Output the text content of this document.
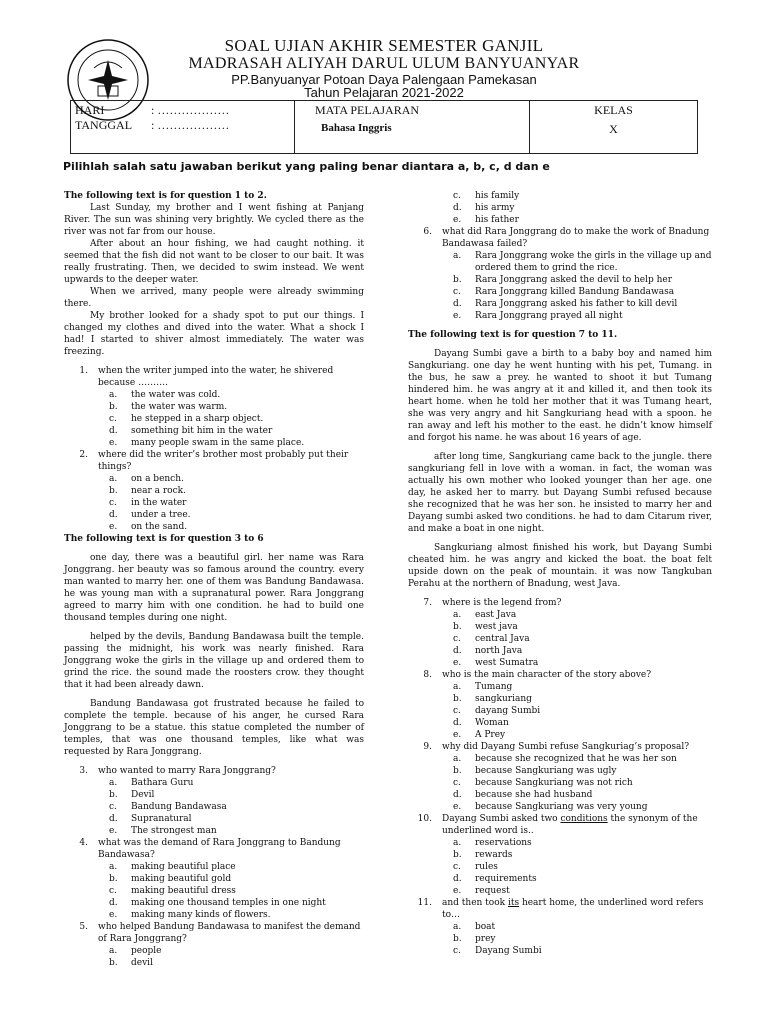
SOAL UJIAN AKHIR SEMESTER GANJIL
MADRASAH ALIYAH DARUL ULUM BANYUANYAR
PP.Banyuanyar Potoan Daya Palengaan Pamekasan
Tahun Pelajaran 2021-2022
HARI	: ………………
TANGGAL	: ………………

MATA PELAJARAN
Bahasa Inggris

KELAS
X
Pilihlah salah satu jawaban berikut yang paling benar diantara a, b, c, d dan e
The following text is for question 1 to 2.

Last Sunday, my brother and I went fishing at Panjang River. The sun was shining very brightly. We cycled there as the river was not far from our house.

After about an hour fishing, we had caught nothing. it seemed that the fish did not want to be closer to our bait. It was really frustrating. Then, we decided to swim instead. We went upwards to the deeper water.

When we arrived, many people were already swimming there.

My brother looked for a shady spot to put our things. I changed my clothes and dived into the water. What a shock I had! I started to shiver almost immediately. The water was freezing.

1.	when the writer jumped into the water, he shivered because ……….
a.	the water was cold.
b.	the water was warm.
c.	he stepped in a sharp object.
d.	something bit him in the water
e.	many people swam in the same place.
2.	where did the writer’s brother most probably put their things?
a.	on a bench.
b.	near a rock.
c.	in the water
d.	under a tree.
e.	on the sand.
The following text is for question 3 to 6

one day, there was a beautiful girl. her name was Rara Jonggrang. her beauty was so famous around the country. every man wanted to marry her. one of them was Bandung Bandawasa. he was young man with a supranatural power. Rara Jonggrang agreed to marry him with one condition. he had to build one thousand temples during one night.

helped by the devils, Bandung Bandawasa built the temple. passing the midnight, his work was nearly finished. Rara Jonggrang woke the girls in the village up and ordered them to grind the rice. the sound made the roosters crow. they thought that it had been already dawn.

Bandung Bandawasa got frustrated because he failed to complete the temple. because of his anger, he cursed Rara Jonggrang to be a statue. this statue completed the number of temples, that was one thousand temples, like what was requested by Rara Jonggrang.

3.	who wanted to marry Rara Jonggrang?
a.	Bathara Guru
b.	Devil
c.	Bandung Bandawasa
d.	Supranatural
e.	The strongest man
4.	what was the demand of Rara Jonggrang to Bandung Bandawasa?
a.	making beautiful place
b.	making beautiful gold
c.	making beautiful dress
d.	making one thousand temples in one night
e.	making many kinds of flowers.
5.	who helped Bandung Bandawasa to manifest the demand of Rara Jonggrang?
a.	people
b.	devil
c.	his family
d.	his army
e.	his father
6.	what did Rara Jonggrang do to make the work of Bnadung Bandawasa failed?
a.	Rara Jonggrang woke the girls in the village up and ordered them to grind the rice.
b.	Rara Jonggrang asked the devil to help her
c.	Rara Jonggrang killed Bandung Bandawasa
d.	Rara Jonggrang asked his father to kill devil
e.	Rara Jonggrang prayed all night
The following text is for question 7 to 11.

Dayang Sumbi gave a birth to a baby boy and named him Sangkuriang. one day he went hunting with his pet, Tumang. in the bus, he saw a prey. he wanted to shoot it but Tumang hindered him. he was angry at it and killed it, and then took its heart home. when he told her mother that it was Tumang heart, she was very angry and hit Sangkuriang head with a spoon. he ran away and left his mother to the east. he didn’t know himself and forgot his name. he was about 16 years of age.

after long time, Sangkuriang came back to the jungle. there sangkuriang fell in love with a woman. in fact, the woman was actually his own mother who looked younger than her age. one day, he asked her to marry. but Dayang Sumbi refused because she recognized that he was her son. he insisted to marry her and Dayang sumbi asked two conditions. he had to dam Citarum river, and make a boat in one night.

Sangkuriang almost finished his work, but Dayang Sumbi cheated him. he was angry and kicked the boat. the boat felt upside down on the peak of mountain. it was now Tangkuban Perahu at the northern of Bnadung, west Java.

7.	where is the legend from?
a.	east Java
b.	west java
c.	central Java
d.	north Java
e.	west Sumatra
8.	who is the main character of the story above?
a.	Tumang
b.	sangkuriang
c.	dayang Sumbi
d.	Woman
e.	A Prey
9.	why did Dayang Sumbi refuse Sangkuriag’s proposal?
a.	because she recognized that he was her son
b.	because Sangkuriang was ugly
c.	because Sangkuriang was not rich
d.	because she had husband
e.	because Sangkuriang was very young
10.	Dayang Sumbi asked two conditions the synonym of the underlined word is..
a.	reservations
b.	rewards
c.	rules
d.	requirements
e.	request
11.	and then took its heart home, the underlined word refers to…
a.	boat
b.	prey
c.	Dayang Sumbi
